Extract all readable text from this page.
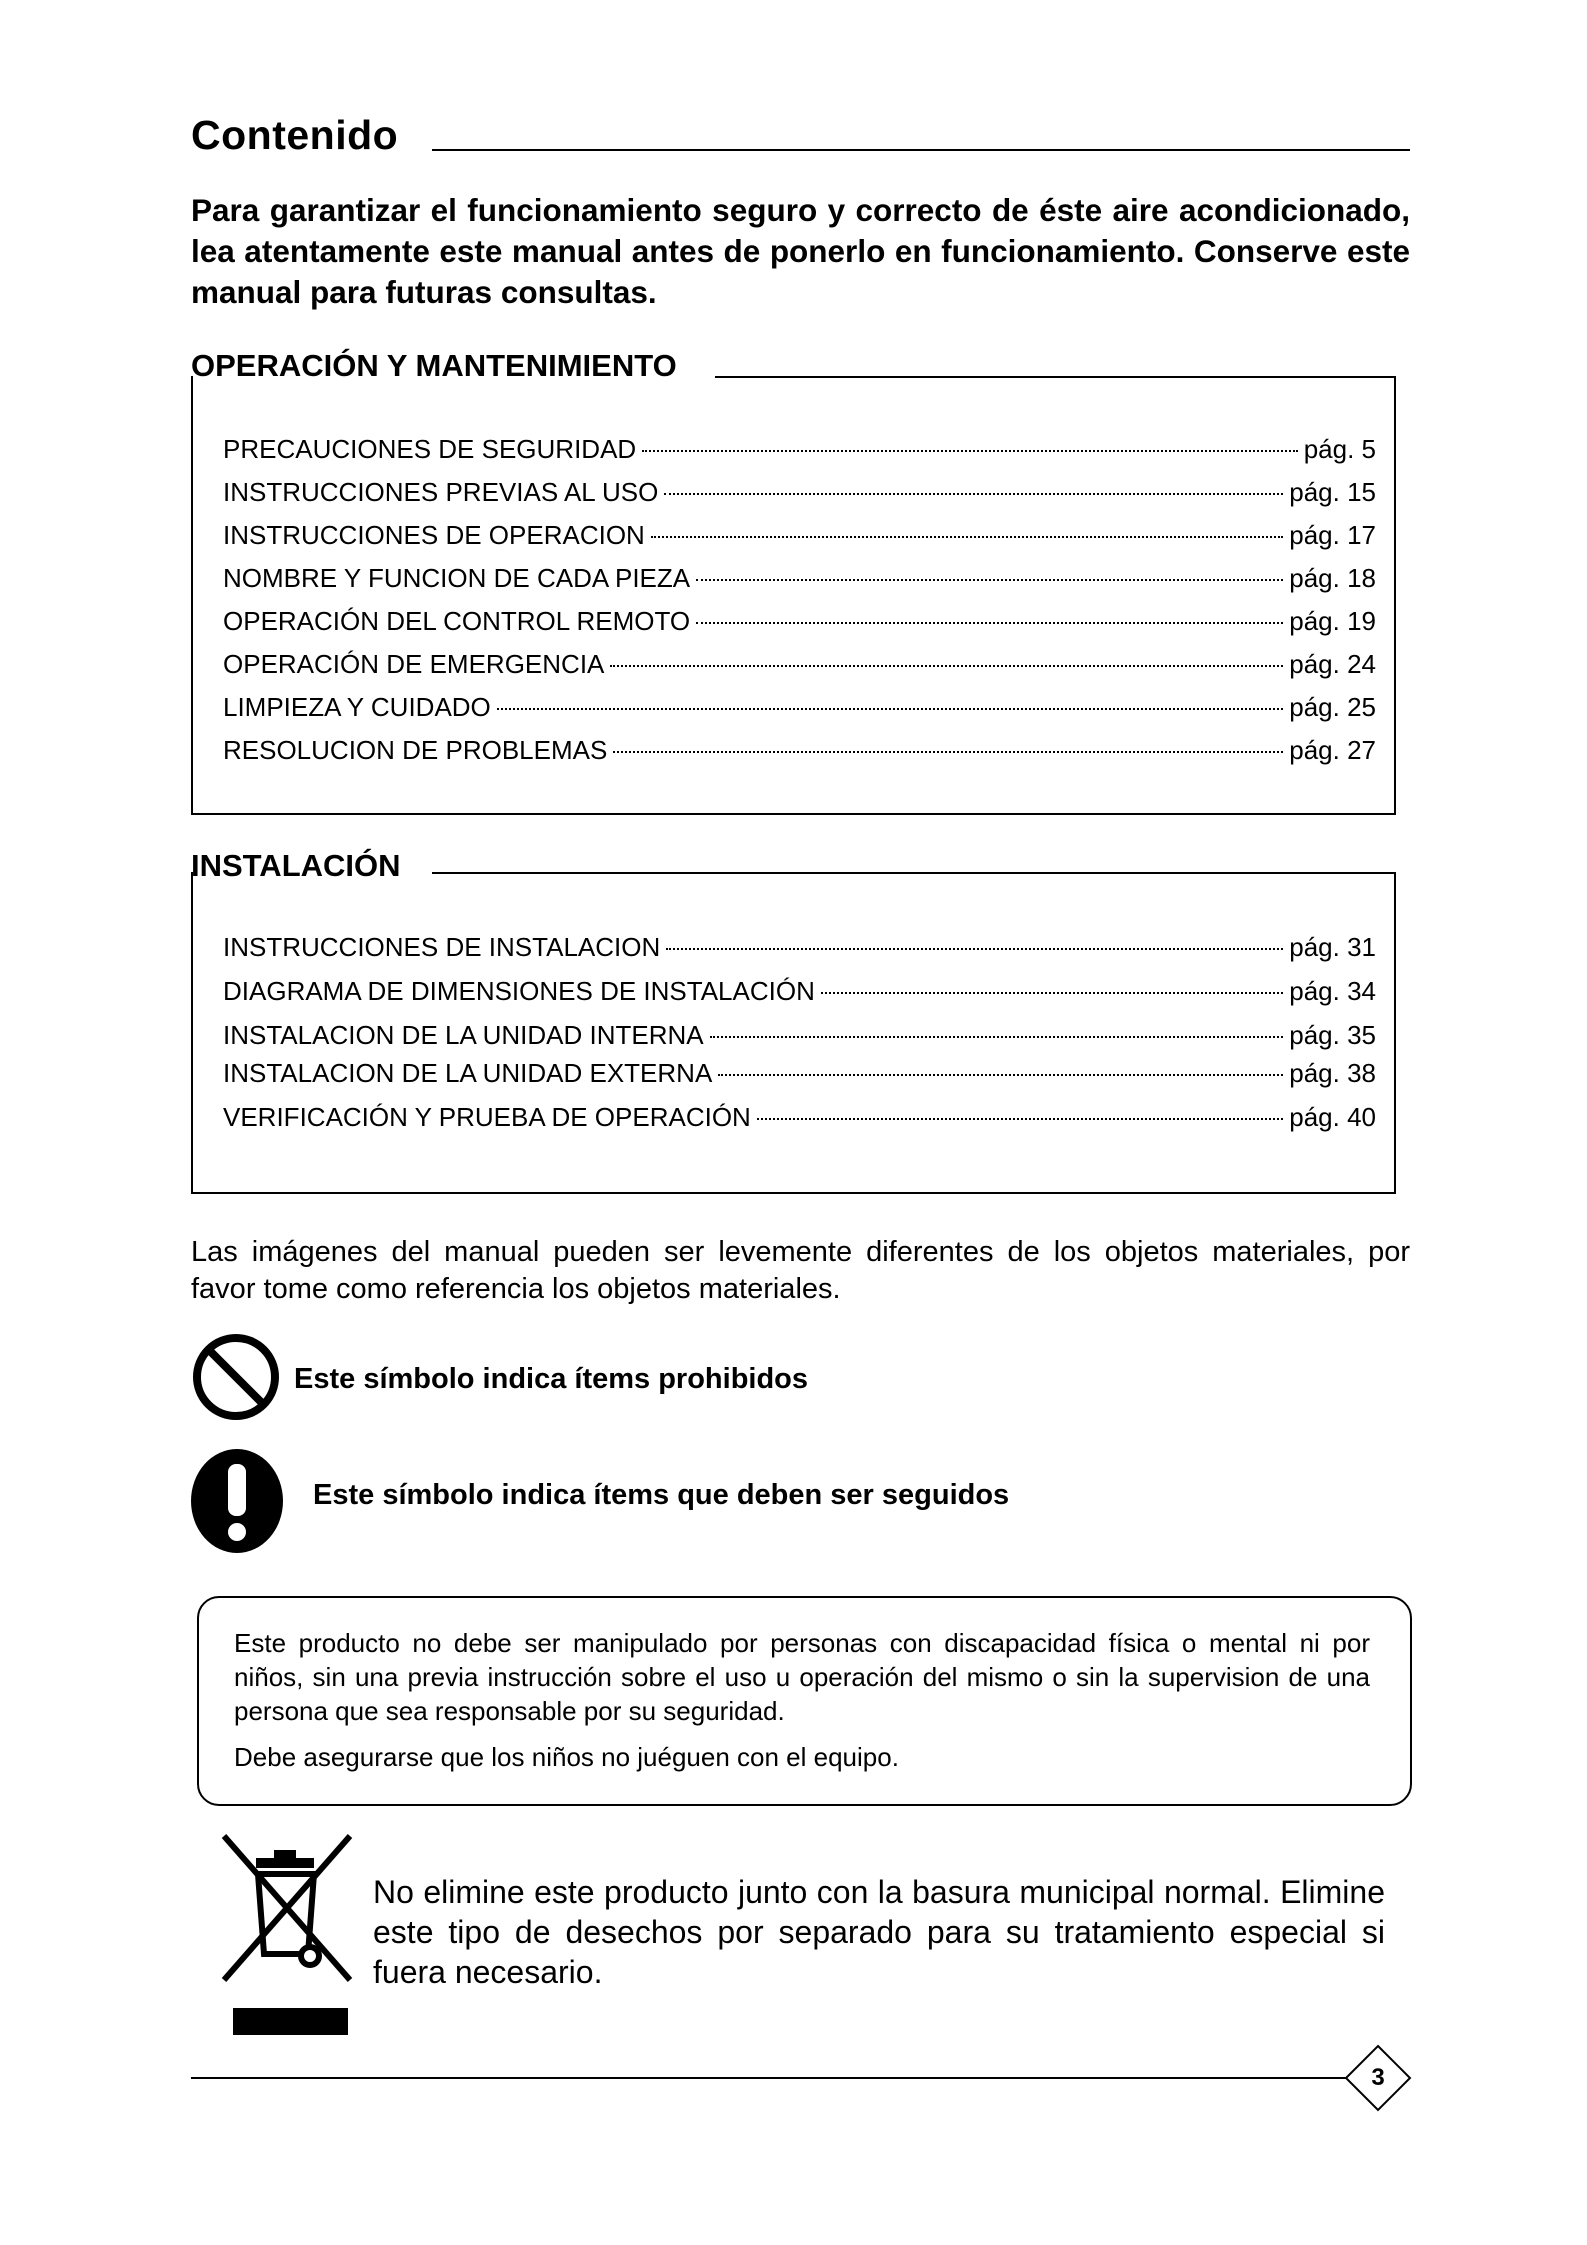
Contenido
Para garantizar el funcionamiento seguro y correcto de éste aire acondicionado, lea atentamente este manual antes de ponerlo en funcionamiento. Conserve este manual para futuras consultas.
OPERACIÓN Y MANTENIMIENTO
PRECAUCIONES DE SEGURIDAD	pág. 5
INSTRUCCIONES PREVIAS AL USO	pág. 15
INSTRUCCIONES DE OPERACION	pág. 17
NOMBRE Y FUNCION DE CADA PIEZA	pág. 18
OPERACIÓN DEL CONTROL REMOTO	pág. 19
OPERACIÓN DE EMERGENCIA	pág. 24
LIMPIEZA Y CUIDADO	pág. 25
RESOLUCION DE PROBLEMAS	pág. 27
INSTALACIÓN
INSTRUCCIONES DE INSTALACION	pág. 31
DIAGRAMA DE DIMENSIONES DE INSTALACIÓN	pág. 34
INSTALACION DE LA UNIDAD INTERNA	pág. 35
INSTALACION DE LA UNIDAD EXTERNA	pág. 38
VERIFICACIÓN Y PRUEBA DE OPERACIÓN	pág. 40
Las imágenes del manual pueden ser levemente diferentes de los objetos materiales, por favor tome como referencia los objetos materiales.
Este símbolo indica ítems prohibidos
Este símbolo indica ítems que deben ser seguidos
Este producto no debe ser manipulado por personas con discapacidad física o mental ni por niños, sin una previa instrucción sobre el uso u operación del mismo o sin la supervision de una persona que sea responsable por su seguridad.
Debe asegurarse que los niños no juéguen con el equipo.
No elimine este producto junto con la basura municipal normal. Elimine este tipo de desechos por separado para su tratamiento especial si fuera necesario.
3
